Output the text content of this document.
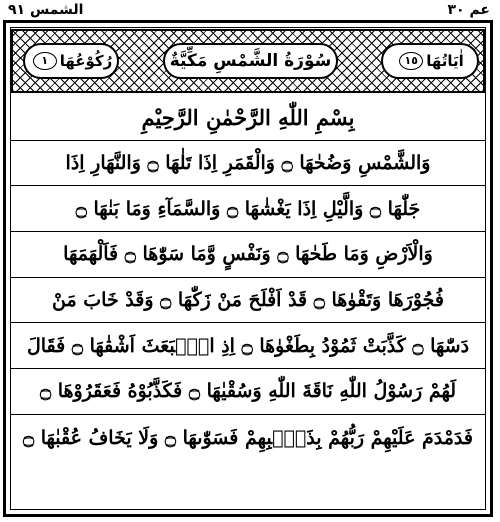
الشمس ٩١	عم ٣٠
رُكُوْعُهَا
١	سُوْرَةُ الشَّمْسِ مَكِّيَّةٌ	اٰيَاتُهَا
١٥
بِسْمِ اللّٰهِ الرَّحْمٰنِ الرَّحِيْمِ
وَالشَّمْسِ وَضُحٰهَا ۝ وَالْقَمَرِ اِذَا تَلٰهَا ۝ وَالنَّهَارِ اِذَا
جَلّٰهَا ۝ وَالَّيْلِ اِذَا يَغْشٰهَا ۝ وَالسَّمَآءِ وَمَا بَنٰهَا ۝
وَالْاَرْضِ وَمَا طَحٰهَا ۝ وَنَفْسٍ وَّمَا سَوّٰهَا ۝ فَاَلْهَمَهَا
فُجُوْرَهَا وَتَقْوٰهَا ۝ قَدْ اَفْلَحَ مَنْ زَكّٰهَا ۝ وَقَدْ خَابَ مَنْ
دَسّٰهَا ۝ كَذَّبَتْ ثَمُوْدُ بِطَغْوٰهَا ۝ اِذِ انْۢبَعَثَ اَشْقٰهَا ۝ فَقَالَ
لَهُمْ رَسُوْلُ اللّٰهِ نَاقَةَ اللّٰهِ وَسُقْيٰهَا ۝ فَكَذَّبُوْهُ فَعَقَرُوْهَا ۝
فَدَمْدَمَ عَلَيْهِمْ رَبُّهُمْ بِذَنْۢبِهِمْ فَسَوّٰىهَا ۝ وَلَا يَخَافُ عُقْبٰهَا ۝
